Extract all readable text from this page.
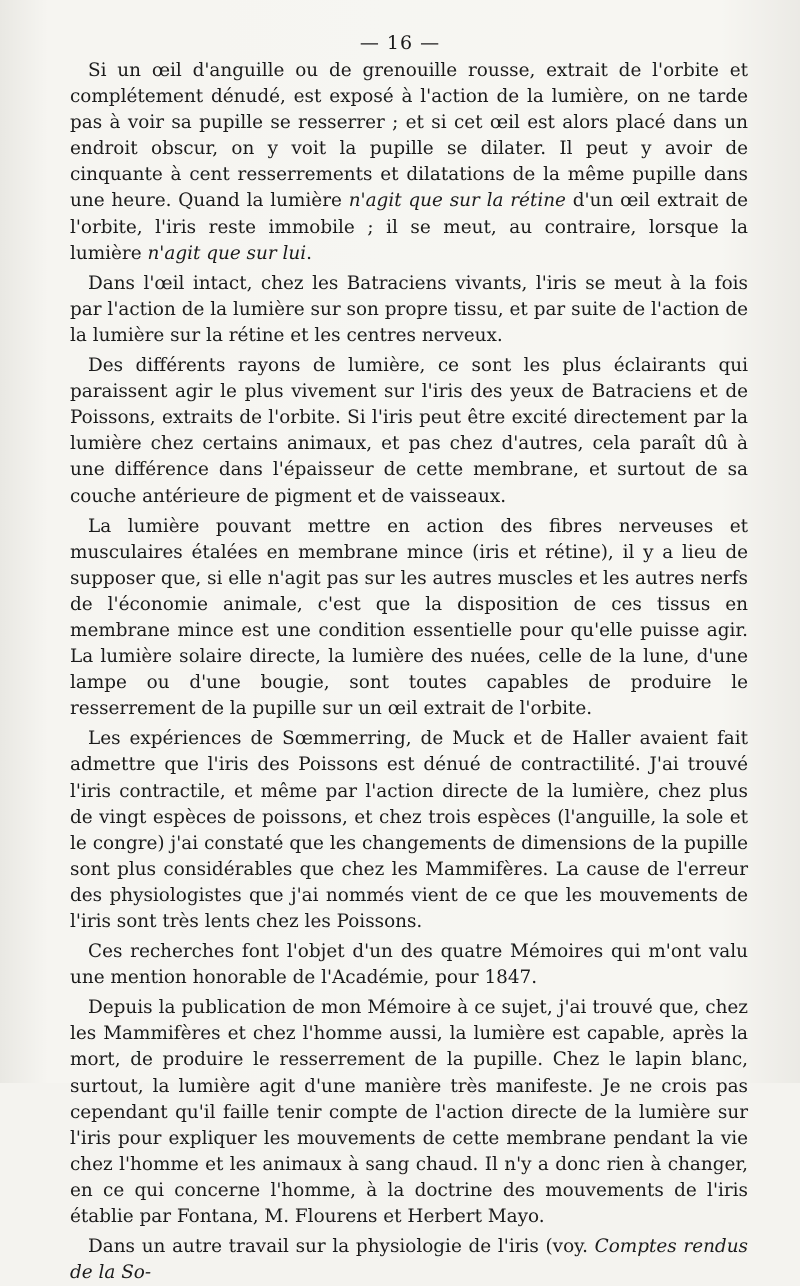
— 16 —

Si un œil d'anguille ou de grenouille rousse, extrait de l'orbite et complétement dénudé, est exposé à l'action de la lumière, on ne tarde pas à voir sa pupille se resserrer ; et si cet œil est alors placé dans un endroit obscur, on y voit la pupille se dilater. Il peut y avoir de cinquante à cent resserrements et dilatations de la même pupille dans une heure. Quand la lumière n'agit que sur la rétine d'un œil extrait de l'orbite, l'iris reste immobile ; il se meut, au contraire, lorsque la lumière n'agit que sur lui.

Dans l'œil intact, chez les Batraciens vivants, l'iris se meut à la fois par l'action de la lumière sur son propre tissu, et par suite de l'action de la lumière sur la rétine et les centres nerveux.

Des différents rayons de lumière, ce sont les plus éclairants qui paraissent agir le plus vivement sur l'iris des yeux de Batraciens et de Poissons, extraits de l'orbite. Si l'iris peut être excité directement par la lumière chez certains animaux, et pas chez d'autres, cela paraît dû à une différence dans l'épaisseur de cette membrane, et surtout de sa couche antérieure de pigment et de vaisseaux.

La lumière pouvant mettre en action des fibres nerveuses et musculaires étalées en membrane mince (iris et rétine), il y a lieu de supposer que, si elle n'agit pas sur les autres muscles et les autres nerfs de l'économie animale, c'est que la disposition de ces tissus en membrane mince est une condition essentielle pour qu'elle puisse agir. La lumière solaire directe, la lumière des nuées, celle de la lune, d'une lampe ou d'une bougie, sont toutes capables de produire le resserrement de la pupille sur un œil extrait de l'orbite.

Les expériences de Sœmmerring, de Muck et de Haller avaient fait admettre que l'iris des Poissons est dénué de contractilité. J'ai trouvé l'iris contractile, et même par l'action directe de la lumière, chez plus de vingt espèces de poissons, et chez trois espèces (l'anguille, la sole et le congre) j'ai constaté que les changements de dimensions de la pupille sont plus considérables que chez les Mammifères. La cause de l'erreur des physiologistes que j'ai nommés vient de ce que les mouvements de l'iris sont très lents chez les Poissons.

Ces recherches font l'objet d'un des quatre Mémoires qui m'ont valu une mention honorable de l'Académie, pour 1847.

Depuis la publication de mon Mémoire à ce sujet, j'ai trouvé que, chez les Mammifères et chez l'homme aussi, la lumière est capable, après la mort, de produire le resserrement de la pupille. Chez le lapin blanc, surtout, la lumière agit d'une manière très manifeste. Je ne crois pas cependant qu'il faille tenir compte de l'action directe de la lumière sur l'iris pour expliquer les mouvements de cette membrane pendant la vie chez l'homme et les animaux à sang chaud. Il n'y a donc rien à changer, en ce qui concerne l'homme, à la doctrine des mouvements de l'iris établie par Fontana, M. Flourens et Herbert Mayo.

Dans un autre travail sur la physiologie de l'iris (voy. Comptes rendus de la So-
